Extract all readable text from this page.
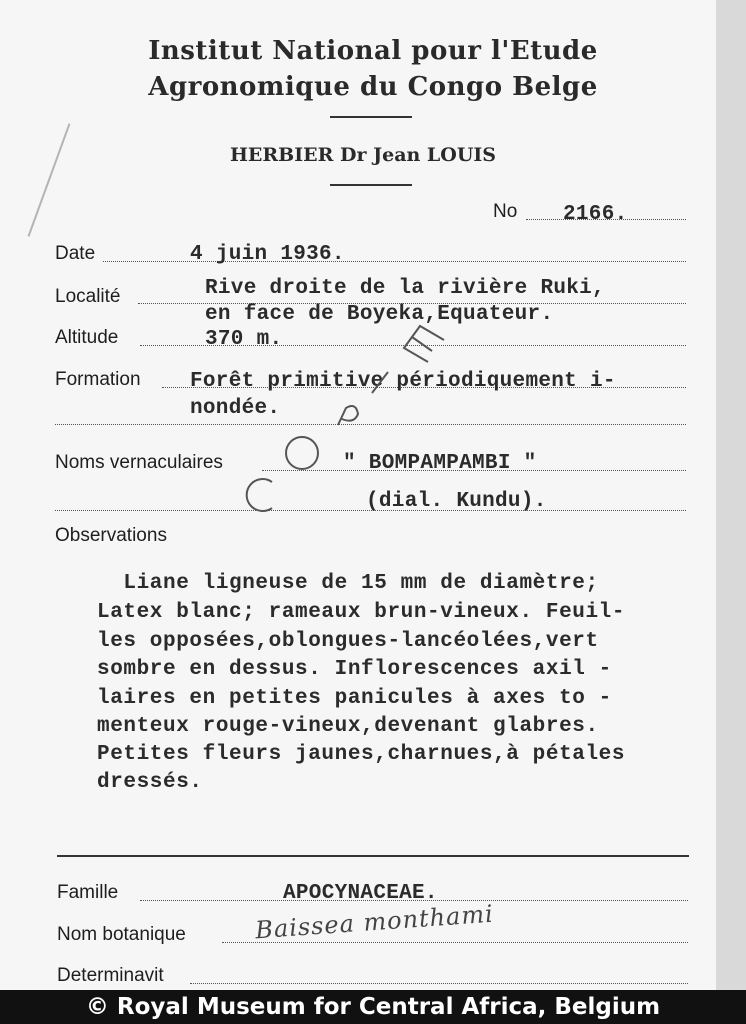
Institut National pour l'Etude
Agronomique du Congo Belge
HERBIER Dr Jean LOUIS
No 2166.
Date	4 juin 1936.
Localité	Rive droite de la rivière Ruki,
en face de Boyeka,Equateur.
Altitude	370 m.
Formation Forêt primitive périodiquement i-
nondée.
Noms vernaculaires	" BOMPAMPAMBI "
(dial. Kundu).
Observations
Liane ligneuse de 15 mm de diamètre;
Latex blanc; rameaux brun-vineux. Feuil-
les opposées,oblongues-lancéolées,vert
sombre en dessus. Inflorescences axil -
laires en petites panicules à axes to -
menteux rouge-vineux,devenant glabres.
Petites fleurs jaunes,charnues,à pétales
dressés.
Famille	APOCYNACEAE.
Nom botanique	Baissea monthami
Determinavit
© Royal Museum for Central Africa, Belgium
